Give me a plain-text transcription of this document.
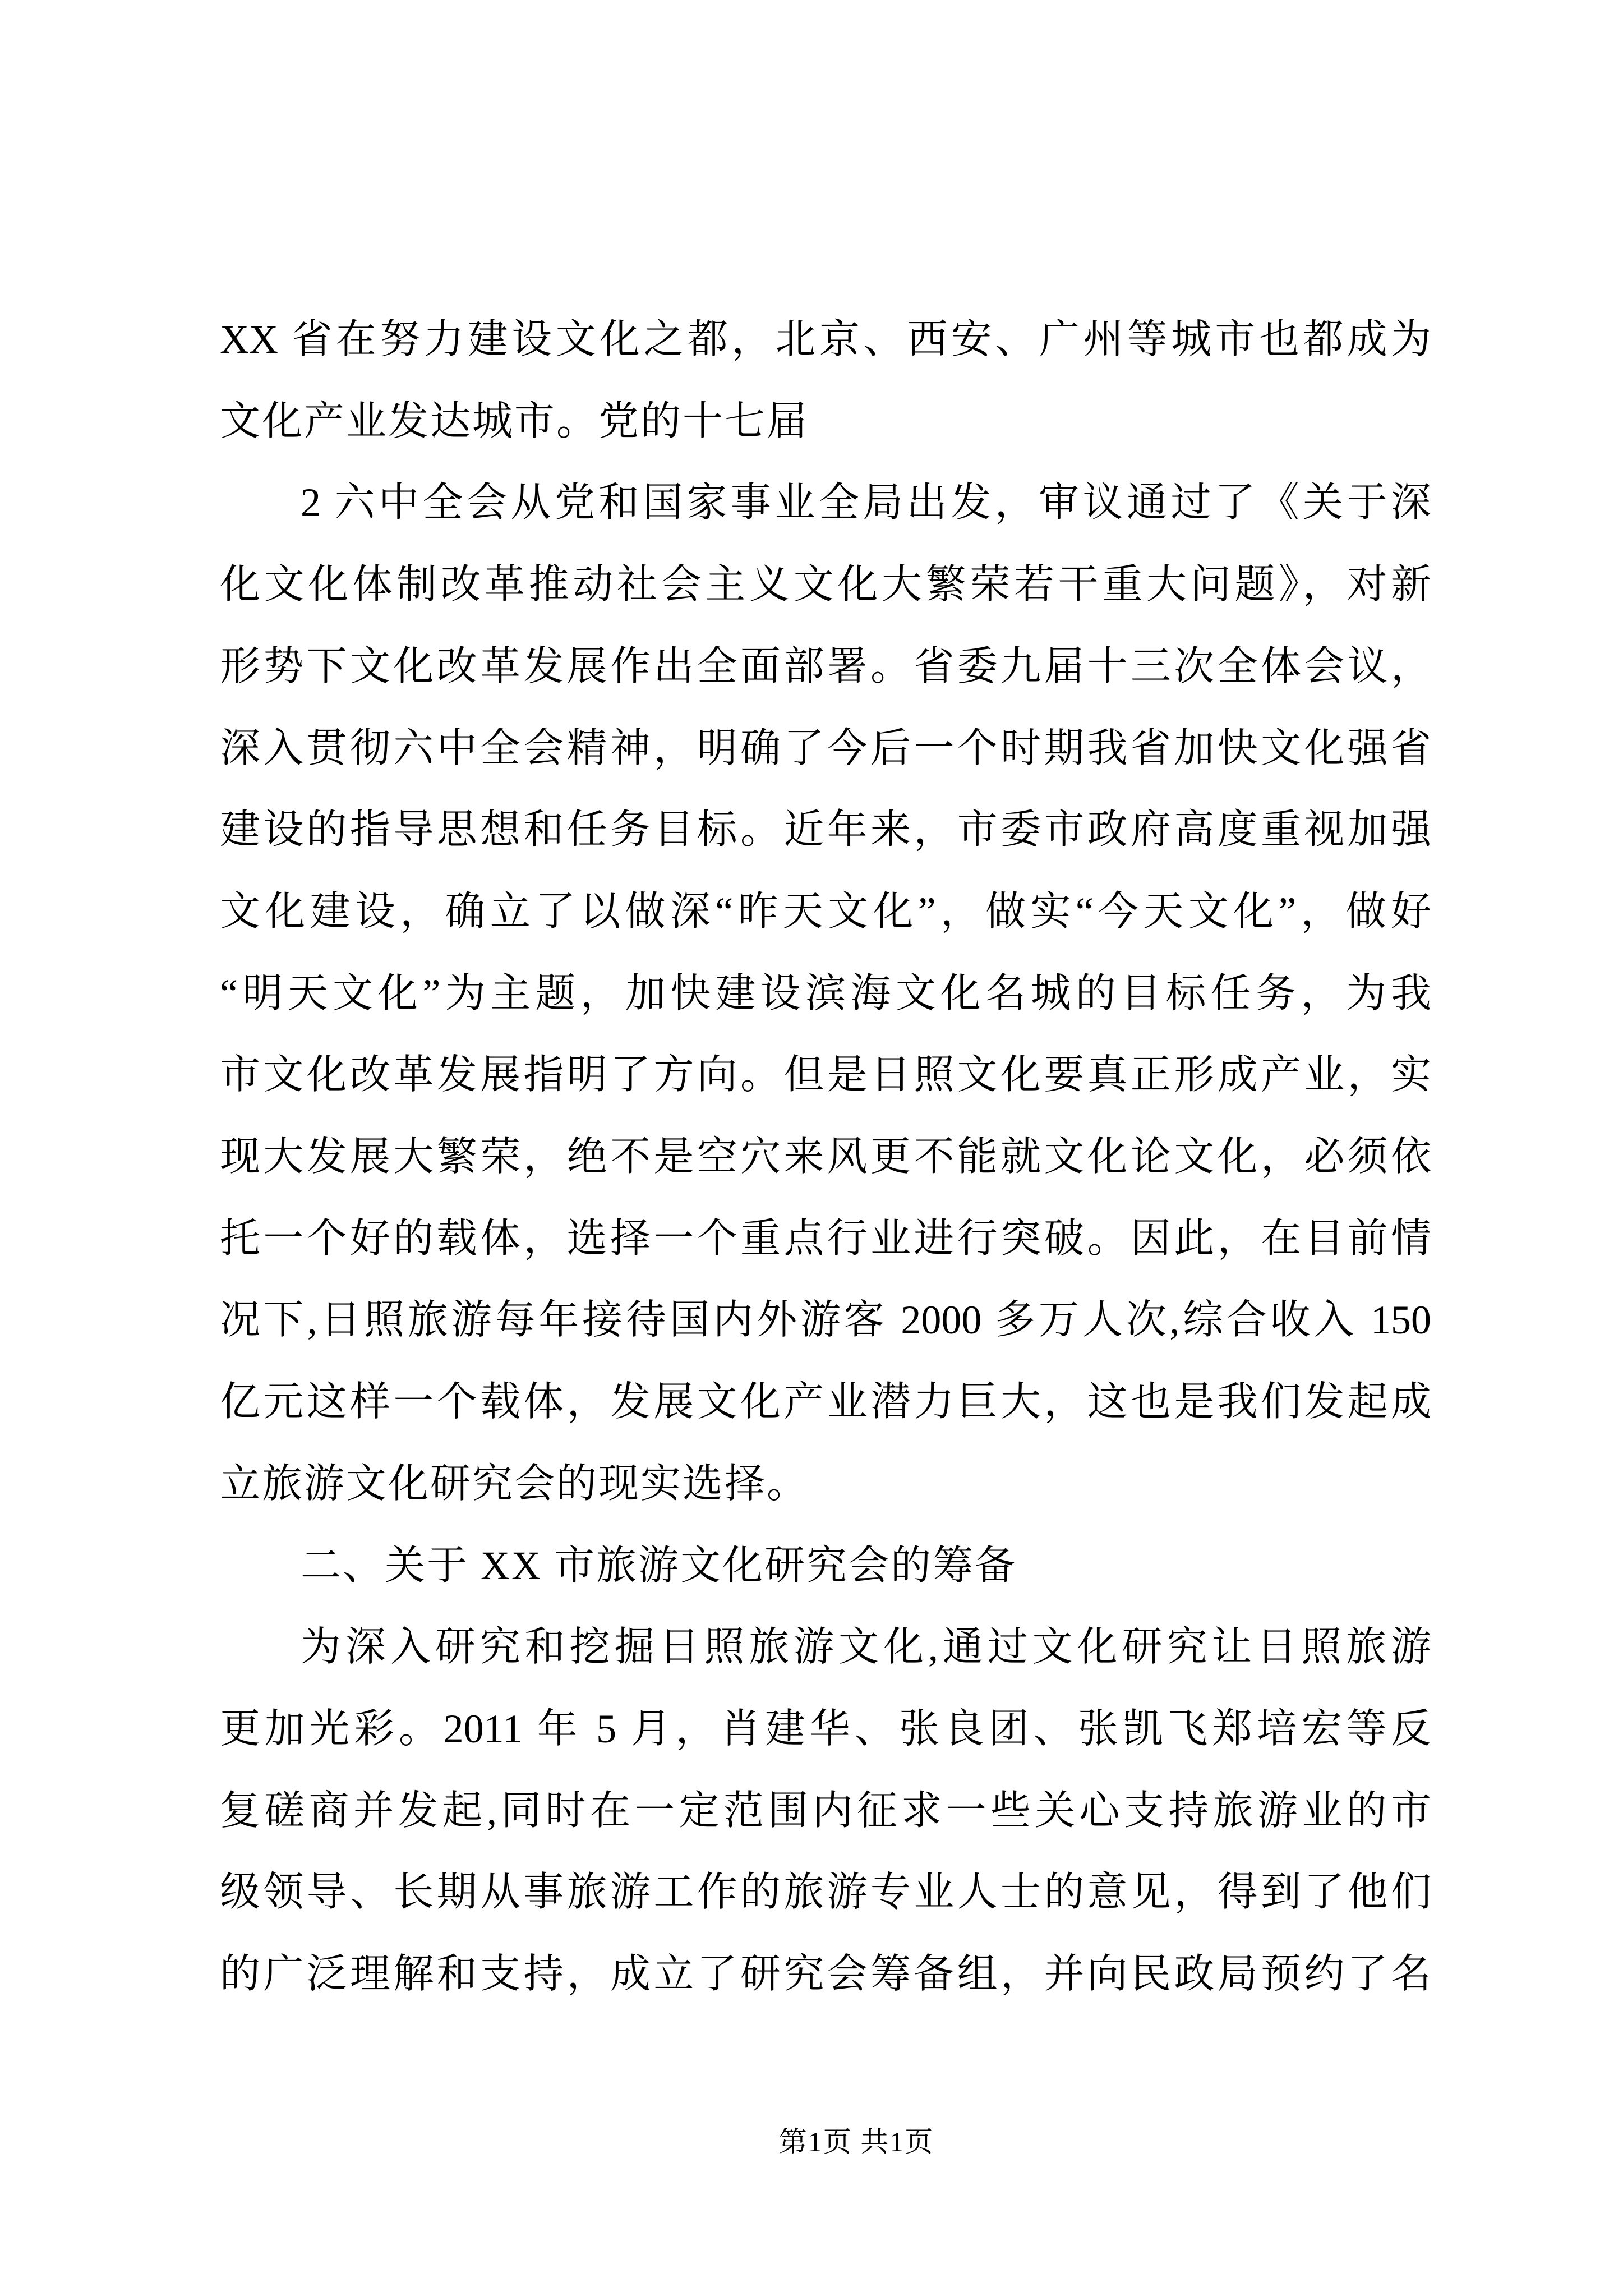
XX 省在努力建设文化之都，北京、西安、广州等城市也都成为
文化产业发达城市。党的十七届
2 六中全会从党和国家事业全局出发，审议通过了《关于深
化文化体制改革推动社会主义文化大繁荣若干重大问题》，对新
形势下文化改革发展作出全面部署。省委九届十三次全体会议，
深入贯彻六中全会精神，明确了今后一个时期我省加快文化强省
建设的指导思想和任务目标。近年来，市委市政府高度重视加强
文化建设，确立了以做深“昨天文化”，做实“今天文化”，做好
“明天文化”为主题，加快建设滨海文化名城的目标任务，为我
市文化改革发展指明了方向。但是日照文化要真正形成产业，实
现大发展大繁荣，绝不是空穴来风更不能就文化论文化，必须依
托一个好的载体，选择一个重点行业进行突破。因此，在目前情
况下,日照旅游每年接待国内外游客 2000 多万人次,综合收入 150
亿元这样一个载体，发展文化产业潜力巨大，这也是我们发起成
立旅游文化研究会的现实选择。
二、关于 XX 市旅游文化研究会的筹备
为深入研究和挖掘日照旅游文化,通过文化研究让日照旅游
更加光彩。2011 年 5 月，肖建华、张良团、张凯飞郑培宏等反
复磋商并发起,同时在一定范围内征求一些关心支持旅游业的市
级领导、长期从事旅游工作的旅游专业人士的意见，得到了他们
的广泛理解和支持，成立了研究会筹备组，并向民政局预约了名
第1页 共1页
